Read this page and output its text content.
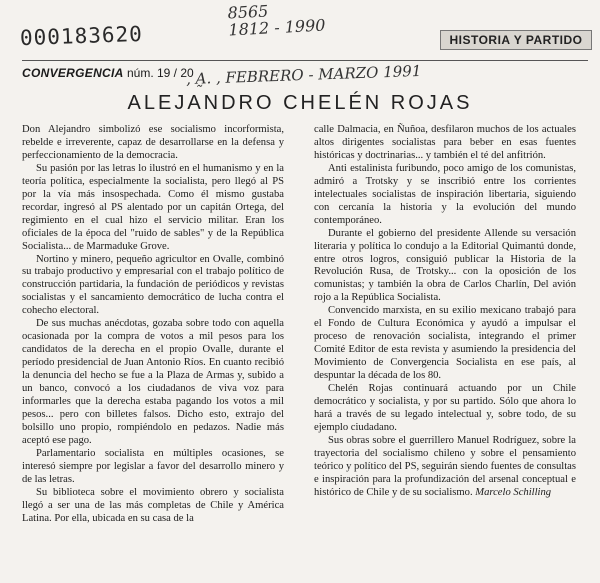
000183620
8565
1812 - 1990
HISTORIA Y PARTIDO
CONVERGENCIA núm. 19 / 20
, A̰. , FEBRERO - MARZO 1991
ALEJANDRO CHELÉN ROJAS

Don Alejandro simbolizó ese socialismo incorformista, rebelde e irreverente, capaz de desarrollarse en la defensa y perfeccionamiento de la democracia.

Su pasión por las letras lo ilustró en el humanismo y en la teoría política, especialmente la socialista, pero llegó al PS por la vía más insospechada. Como él mismo gustaba recordar, ingresó al PS alentado por un capitán Ortega, del regimiento en el cual hizo el servicio militar. Eran los oficiales de la época del "ruido de sables" y de la República Socialista... de Marmaduke Grove.

Nortino y minero, pequeño agricultor en Ovalle, combinó su trabajo productivo y empresarial con el trabajo político de construcción partidaria, la fundación de periódicos y revistas socialistas y el sancamiento democrático de lucha contra el cohecho electoral.

De sus muchas anécdotas, gozaba sobre todo con aquella ocasionada por la compra de votos a mil pesos para los candidatos de la derecha en el propio Ovalle, durante el período presidencial de Juan Antonio Ríos. En cuanto recibió la denuncia del hecho se fue a la Plaza de Armas y, subido a un banco, convocó a los ciudadanos de viva voz para informarles que la derecha estaba pagando los votos a mil pesos... pero con billetes falsos. Dicho esto, extrajo del bolsillo uno propio, rompiéndolo en pedazos. Nadie más aceptó ese pago.

Parlamentario socialista en múltiples ocasiones, se interesó siempre por legislar a favor del desarrollo minero y de las letras.

Su biblioteca sobre el movimiento obrero y socialista llegó a ser una de las más completas de Chile y América Latina. Por ella, ubicada en su casa de la

calle Dalmacia, en Ñuñoa, desfilaron muchos de los actuales altos dirigentes socialistas para beber en esas fuentes históricas y doctrinarias... y también el té del anfitrión.

Anti estalinista furibundo, poco amigo de los comunistas, admiró a Trotsky y se inscribió entre los corrientes intelectuales socialistas de inspiración libertaria, siguiendo con cercanía la historia y la evolución del mundo contemporáneo.

Durante el gobierno del presidente Allende su versación literaria y política lo condujo a la Editorial Quimantú donde, entre otros logros, consiguió publicar la Historia de la Revolución Rusa, de Trotsky... con la oposición de los comunistas; y también la obra de Carlos Charlín, Del avión rojo a la República Socialista.

Convencido marxista, en su exilio mexicano trabajó para el Fondo de Cultura Económica y ayudó a impulsar el proceso de renovación socialista, integrando el primer Comité Editor de esta revista y asumiendo la presidencia del Movimiento de Convergencia Socialista en ese país, al despuntar la década de los 80.

Chelén Rojas continuará actuando por un Chile democrático y socialista, y por su partido. Sólo que ahora lo hará a través de su legado intelectual y, sobre todo, de su ejemplo ciudadano.

Sus obras sobre el guerrillero Manuel Rodríguez, sobre la trayectoria del socialismo chileno y sobre el pensamiento teórico y político del PS, seguirán siendo fuentes de consultas e inspiración para la profundización del arsenal conceptual e histórico de Chile y de su socialismo. Marcelo Schilling
